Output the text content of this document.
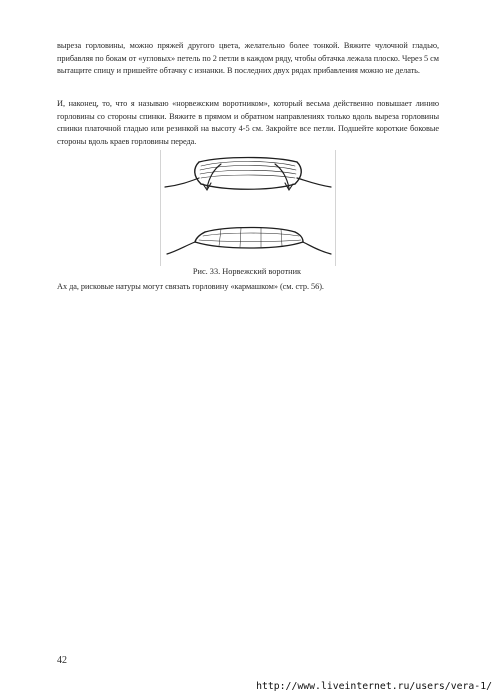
выреза горловины, можно пряжей другого цвета, желательно более тонкой. Вяжите чулочной гладью, прибавляя по бокам от «угловых» петель по 2 петли в каждом ряду, чтобы обтачка лежала плоско. Через 5 см вытащите спицу и пришейте обтачку с изнанки. В последних двух рядах прибавления можно не делать.

И, наконец, то, что я называю «норвежским воротником», который весьма действенно повышает линию горловины со стороны спинки. Вяжите в прямом и обратном направлениях только вдоль выреза горловины спинки платочной гладью или резинкой на высоту 4-5 см. Закройте все петли. Подшейте короткие боковые стороны вдоль краев горловины переда.

Рис. 33. Норвежский воротник

Ах да, рисковые натуры могут связать горловину «кармашком» (см. стр. 56).

42

http://www.liveinternet.ru/users/vera-1/
